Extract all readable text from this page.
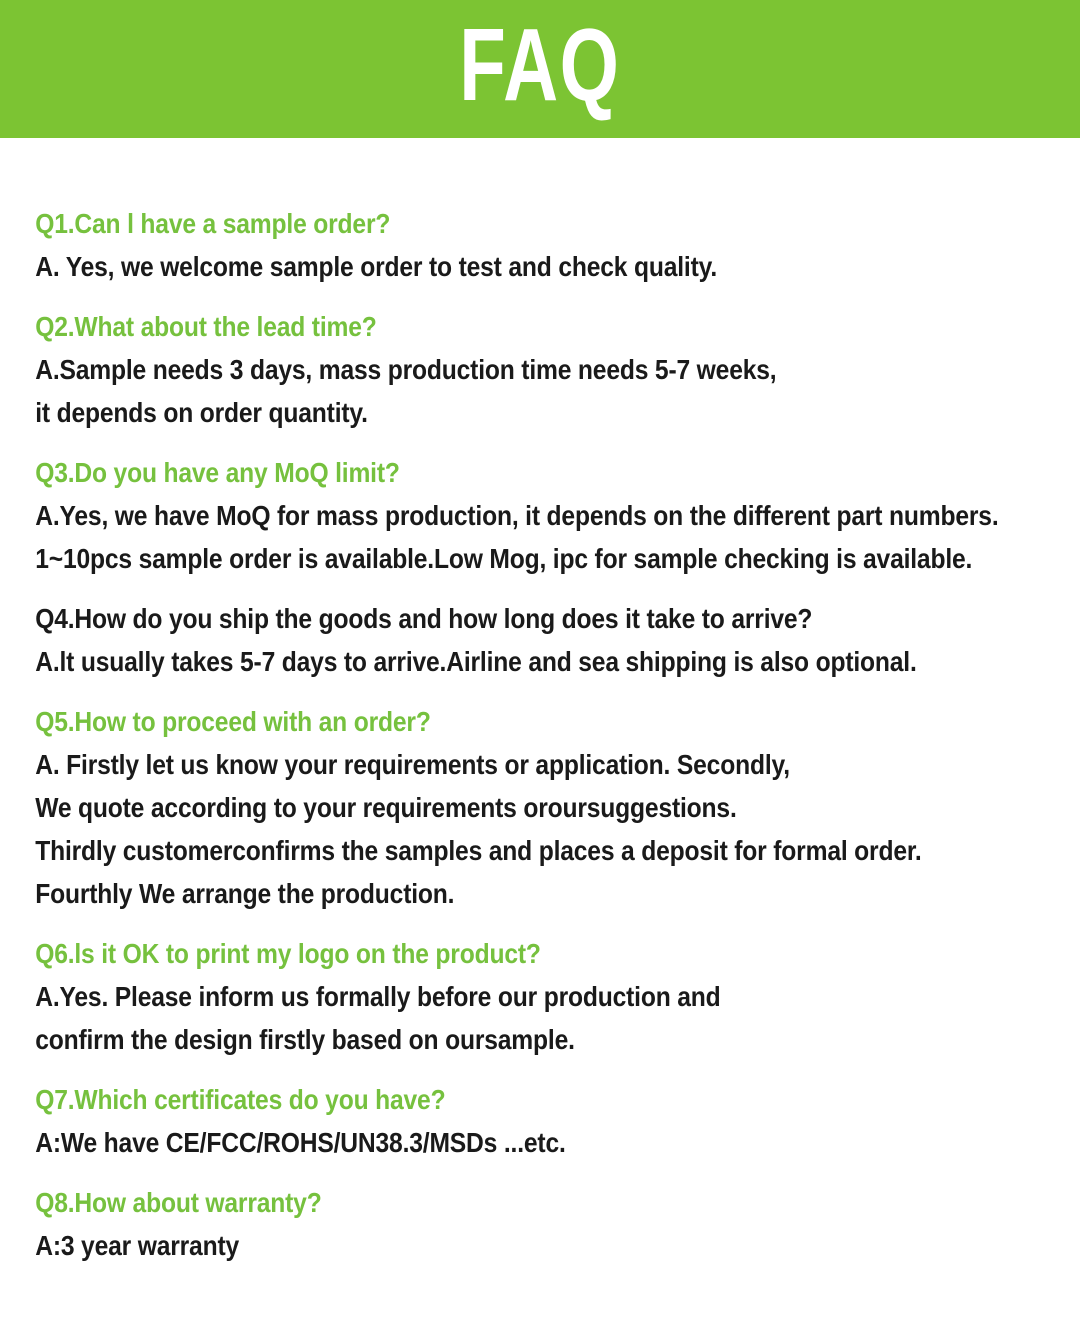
FAQ
Q1.Can l have a sample order?
A. Yes, we welcome sample order to test and check quality.
Q2.What about the lead time?
A.Sample needs 3 days, mass production time needs 5-7 weeks,
it depends on order quantity.
Q3.Do you have any MoQ limit?
A.Yes, we have MoQ for mass production, it depends on the different part numbers.
1~10pcs sample order is available.Low Mog, ipc for sample checking is available.
Q4.How do you ship the goods and how long does it take to arrive?
A.lt usually takes 5-7 days to arrive.Airline and sea shipping is also optional.
Q5.How to proceed with an order?
A. Firstly let us know your requirements or application. Secondly,
We quote according to your requirements oroursuggestions.
Thirdly customerconfirms the samples and places a deposit for formal order.
Fourthly We arrange the production.
Q6.ls it OK to print my logo on the product?
A.Yes. Please inform us formally before our production and
confirm the design firstly based on oursample.
Q7.Which certificates do you have?
A:We have CE/FCC/ROHS/UN38.3/MSDs ...etc.
Q8.How about warranty?
A:3 year warranty
